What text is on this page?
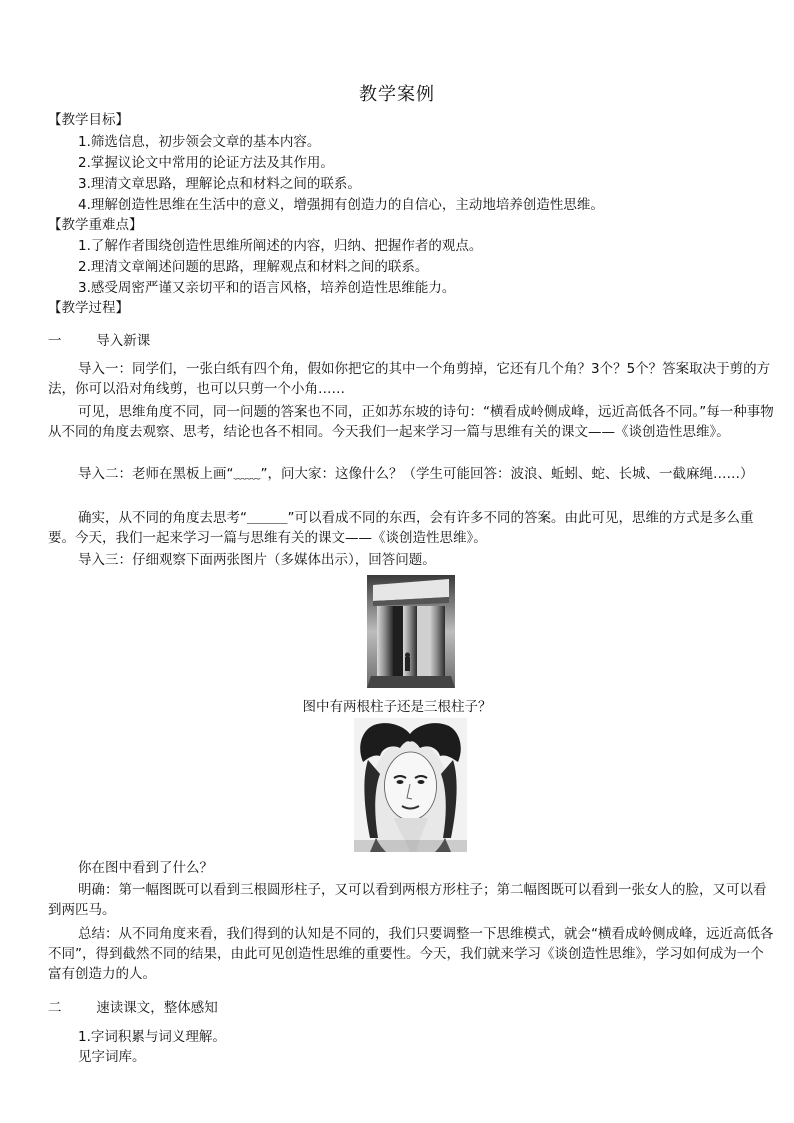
教学案例
【教学目标】
1.筛选信息，初步领会文章的基本内容。
2.掌握议论文中常用的论证方法及其作用。
3.理清文章思路，理解论点和材料之间的联系。
4.理解创造性思维在生活中的意义，增强拥有创造力的自信心，主动地培养创造性思维。
【教学重难点】
1.了解作者围绕创造性思维所阐述的内容，归纳、把握作者的观点。
2.理清文章阐述问题的思路，理解观点和材料之间的联系。
3.感受周密严谨又亲切平和的语言风格，培养创造性思维能力。
【教学过程】
一	导入新课
导入一：同学们，一张白纸有四个角，假如你把它的其中一个角剪掉，它还有几个角？3个？5个？答案取决于剪的方法，你可以沿对角线剪，也可以只剪一个小角……
可见，思维角度不同，同一问题的答案也不同，正如苏东坡的诗句：“横看成岭侧成峰，远近高低各不同。”每一种事物从不同的角度去观察、思考，结论也各不相同。今天我们一起来学习一篇与思维有关的课文——《谈创造性思维》。
导入二：老师在黑板上画“﹏﹏”，问大家：这像什么？（学生可能回答：波浪、蚯蚓、蛇、长城、一截麻绳……）
确实，从不同的角度去思考“＿＿＿”可以看成不同的东西，会有许多不同的答案。由此可见，思维的方式是多么重要。今天，我们一起来学习一篇与思维有关的课文——《谈创造性思维》。
导入三：仔细观察下面两张图片（多媒体出示），回答问题。
图中有两根柱子还是三根柱子？
你在图中看到了什么？
明确：第一幅图既可以看到三根圆形柱子，又可以看到两根方形柱子；第二幅图既可以看到一张女人的脸，又可以看到两匹马。
总结：从不同角度来看，我们得到的认知是不同的，我们只要调整一下思维模式，就会“横看成岭侧成峰，远近高低各不同”，得到截然不同的结果，由此可见创造性思维的重要性。今天，我们就来学习《谈创造性思维》，学习如何成为一个富有创造力的人。
二	速读课文，整体感知
1.字词积累与词义理解。
见字词库。
